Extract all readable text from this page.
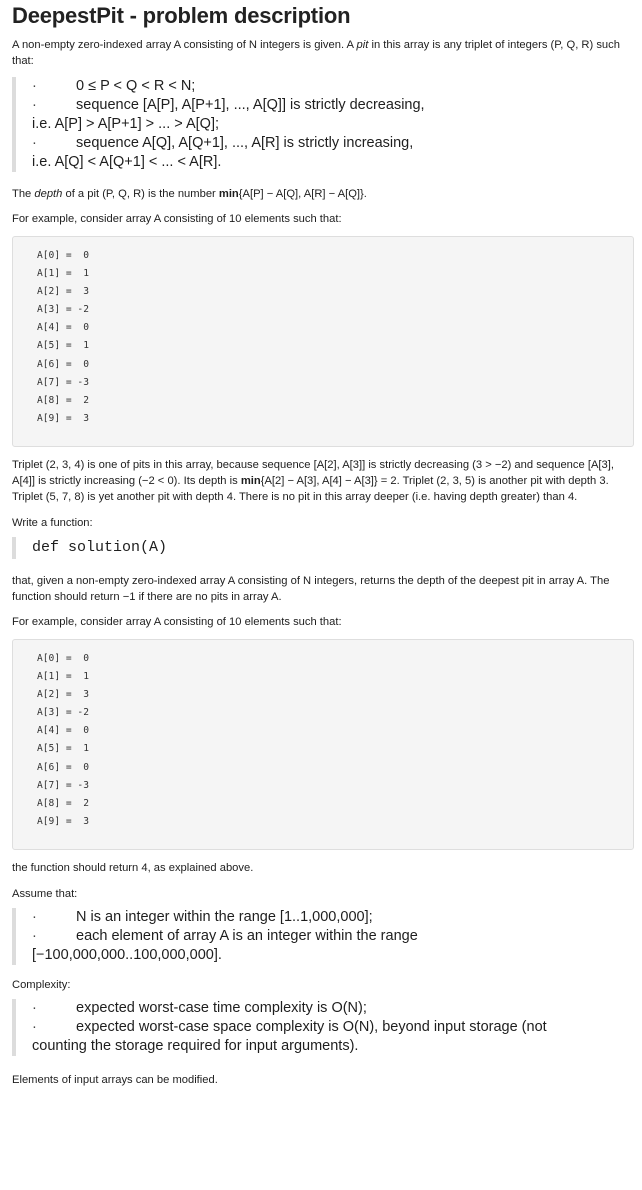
DeepestPit - problem description

A non-empty zero-indexed array A consisting of N integers is given. A pit in this array is any triplet of integers (P, Q, R) such that:

·	0 ≤ P < Q < R < N;

·	sequence [A[P], A[P+1], ..., A[Q]] is strictly decreasing,

i.e. A[P] > A[P+1] > ... > A[Q];

·	sequence A[Q], A[Q+1], ..., A[R] is strictly increasing,

i.e. A[Q] < A[Q+1] < ... < A[R].

The depth of a pit (P, Q, R) is the number min{A[P] − A[Q], A[R] − A[Q]}.

For example, consider array A consisting of 10 elements such that:

A[0] =  0
A[1] =  1
A[2] =  3
A[3] = -2
A[4] =  0
A[5] =  1
A[6] =  0
A[7] = -3
A[8] =  2
A[9] =  3

Triplet (2, 3, 4) is one of pits in this array, because sequence [A[2], A[3]] is strictly decreasing (3 > −2) and sequence [A[3], A[4]] is strictly increasing (−2 < 0). Its depth is min{A[2] − A[3], A[4] − A[3]} = 2. Triplet (2, 3, 5) is another pit with depth 3. Triplet (5, 7, 8) is yet another pit with depth 4. There is no pit in this array deeper (i.e. having depth greater) than 4.

Write a function:

def solution(A)

that, given a non-empty zero-indexed array A consisting of N integers, returns the depth of the deepest pit in array A. The function should return −1 if there are no pits in array A.

For example, consider array A consisting of 10 elements such that:

A[0] =  0
A[1] =  1
A[2] =  3
A[3] = -2
A[4] =  0
A[5] =  1
A[6] =  0
A[7] = -3
A[8] =  2
A[9] =  3

the function should return 4, as explained above.

Assume that:

·	N is an integer within the range [1..1,000,000];

·	each element of array A is an integer within the range

[−100,000,000..100,000,000].

Complexity:

·	expected worst-case time complexity is O(N);

·	expected worst-case space complexity is O(N), beyond input storage (not

counting the storage required for input arguments).

Elements of input arrays can be modified.
